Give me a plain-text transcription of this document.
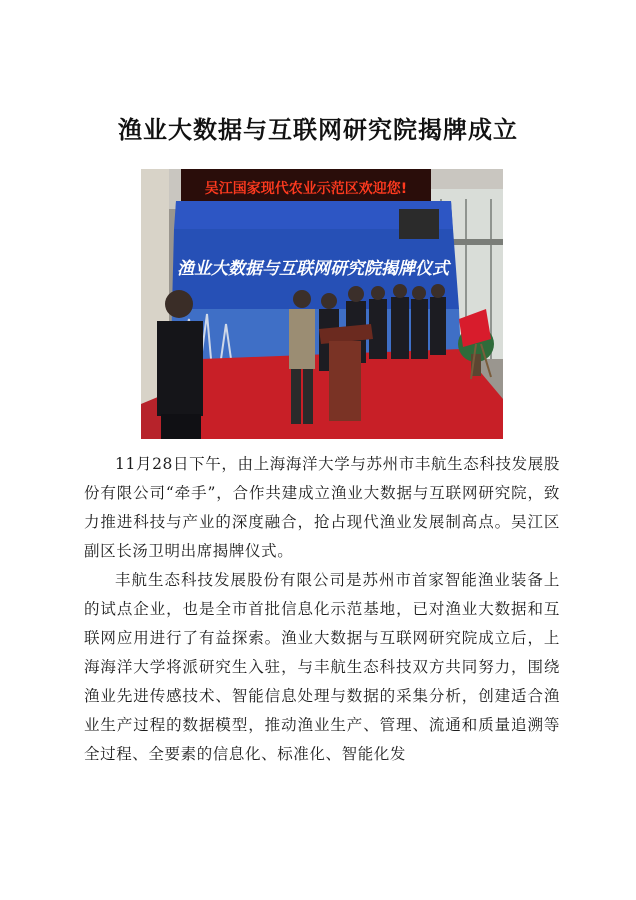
渔业大数据与互联网研究院揭牌成立
吴江国家现代农业示范区欢迎您!
渔业大数据与互联网研究院揭牌仪式

11月28日下午，由上海海洋大学与苏州市丰航生态科技发展股份有限公司“牵手”，合作共建成立渔业大数据与互联网研究院，致力推进科技与产业的深度融合，抢占现代渔业发展制高点。吴江区副区长汤卫明出席揭牌仪式。

丰航生态科技发展股份有限公司是苏州市首家智能渔业装备上的试点企业，也是全市首批信息化示范基地，已对渔业大数据和互联网应用进行了有益探索。渔业大数据与互联网研究院成立后，上海海洋大学将派研究生入驻，与丰航生态科技双方共同努力，围绕渔业先进传感技术、智能信息处理与数据的采集分析，创建适合渔业生产过程的数据模型，推动渔业生产、管理、流通和质量追溯等全过程、全要素的信息化、标准化、智能化发
